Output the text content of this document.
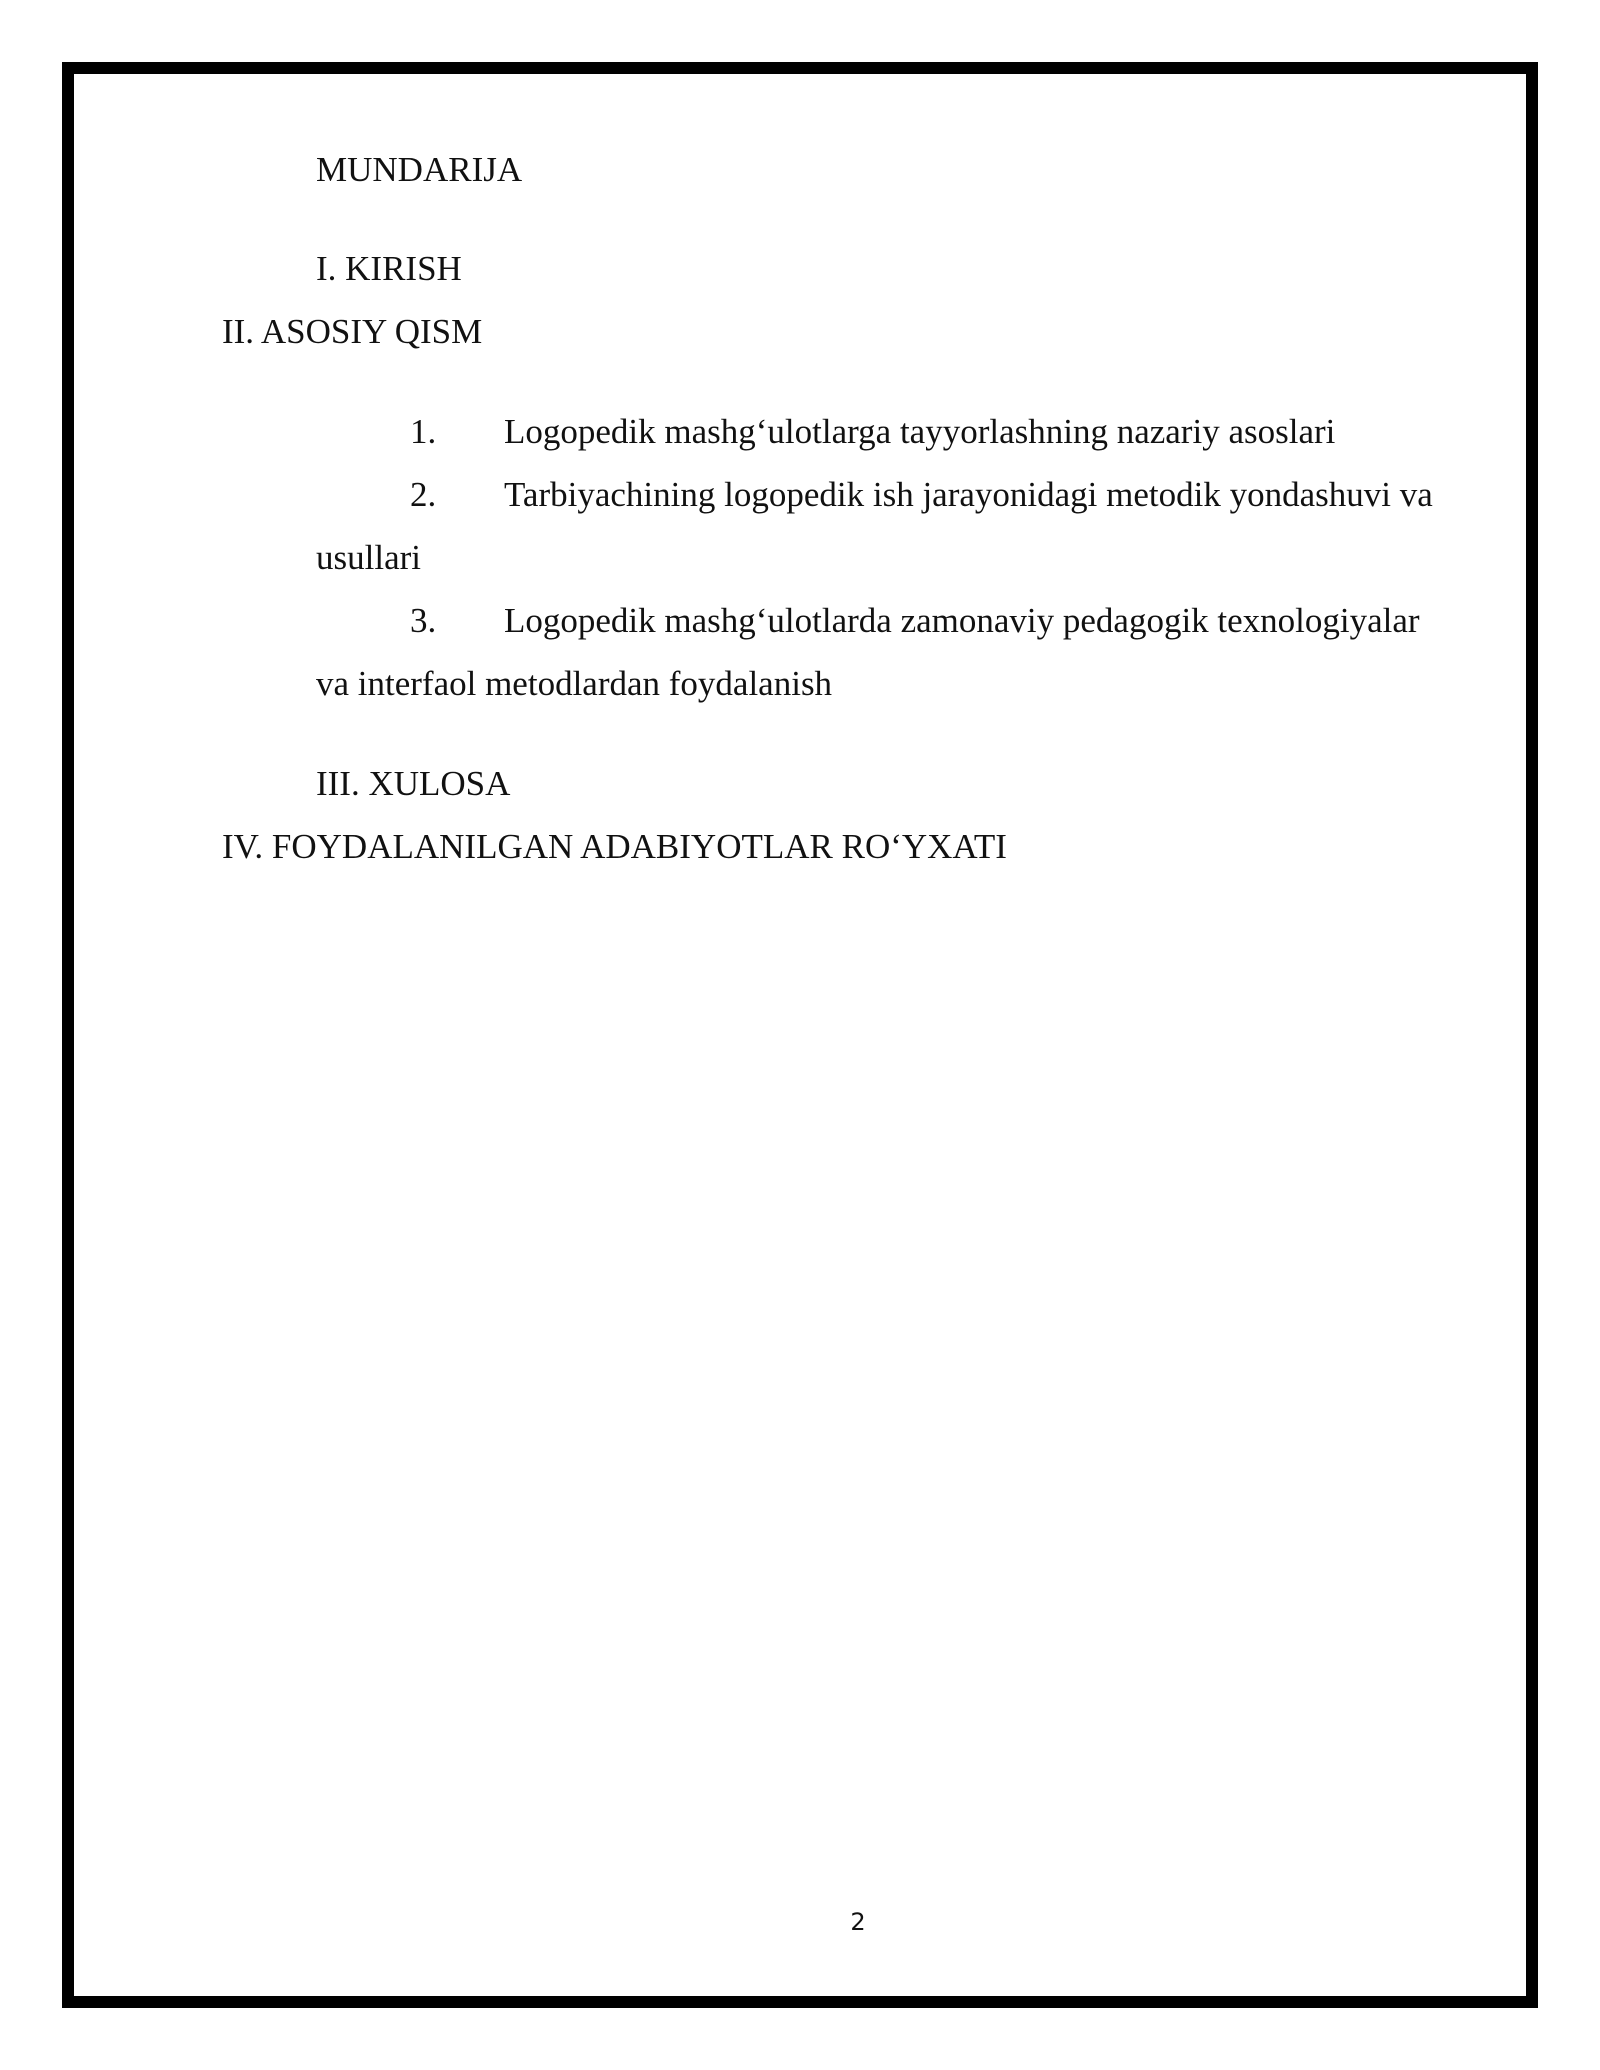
MUNDARIJA
I. KIRISH
II. ASOSIY QISM
1. Logopedik mashg‘ulotlarga tayyorlashning nazariy asoslari
2. Tarbiyachining logopedik ish jarayonidagi metodik yondashuvi va
usullari
3. Logopedik mashg‘ulotlarda zamonaviy pedagogik texnologiyalar
va interfaol metodlardan foydalanish
III. XULOSA
IV. FOYDALANILGAN ADABIYOTLAR RO‘YXATI
2
